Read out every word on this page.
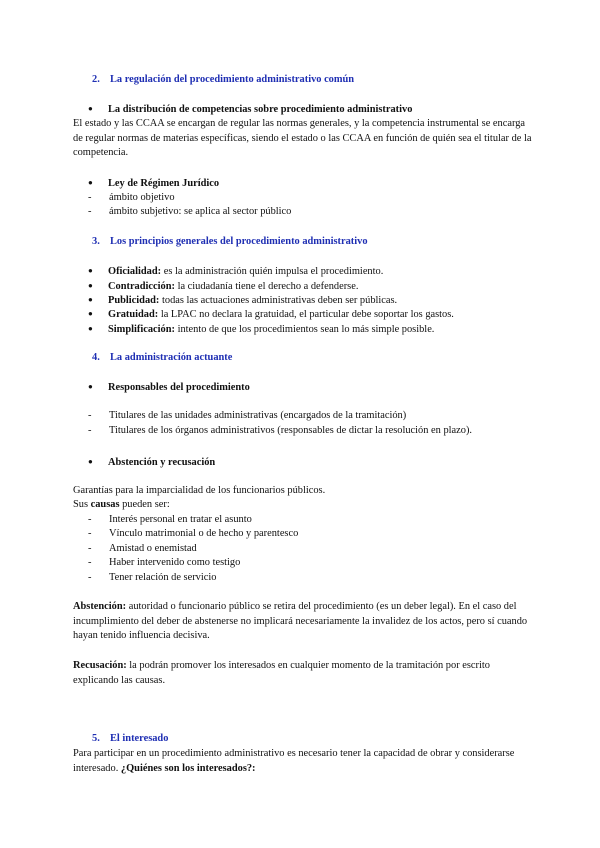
2. La regulación del procedimiento administrativo común
● La distribución de competencias sobre procedimiento administrativo

El estado y las CCAA se encargan de regular las normas generales, y la competencia instrumental se encarga de regular normas de materias específicas, siendo el estado o las CCAA en función de quién sea el titular de la competencia.

● Ley de Régimen Jurídico
- ámbito objetivo
- ámbito subjetivo: se aplica al sector público
3. Los principios generales del procedimiento administrativo
● Oficialidad: es la administración quién impulsa el procedimiento.
● Contradicción: la ciudadanía tiene el derecho a defenderse.
● Publicidad: todas las actuaciones administrativas deben ser públicas.
● Gratuidad: la LPAC no declara la gratuidad, el particular debe soportar los gastos.
● Simplificación: intento de que los procedimientos sean lo más simple posible.
4. La administración actuante
● Responsables del procedimiento
- Titulares de las unidades administrativas (encargados de la tramitación)
- Titulares de los órganos administrativos (responsables de dictar la resolución en plazo).
● Abstención y recusación

Garantías para la imparcialidad de los funcionarios públicos.

Sus causas pueden ser:

- Interés personal en tratar el asunto
- Vínculo matrimonial o de hecho y parentesco
- Amistad o enemistad
- Haber intervenido como testigo
- Tener relación de servicio

Abstención: autoridad o funcionario público se retira del procedimiento (es un deber legal). En el caso del incumplimiento del deber de abstenerse no implicará necesariamente la invalidez de los actos, pero sí cuando hayan tenido influencia decisiva.

Recusación: la podrán promover los interesados en cualquier momento de la tramitación por escrito explicando las causas.

5. El interesado

Para participar en un procedimiento administrativo es necesario tener la capacidad de obrar y considerarse interesado. ¿Quiénes son los interesados?:
